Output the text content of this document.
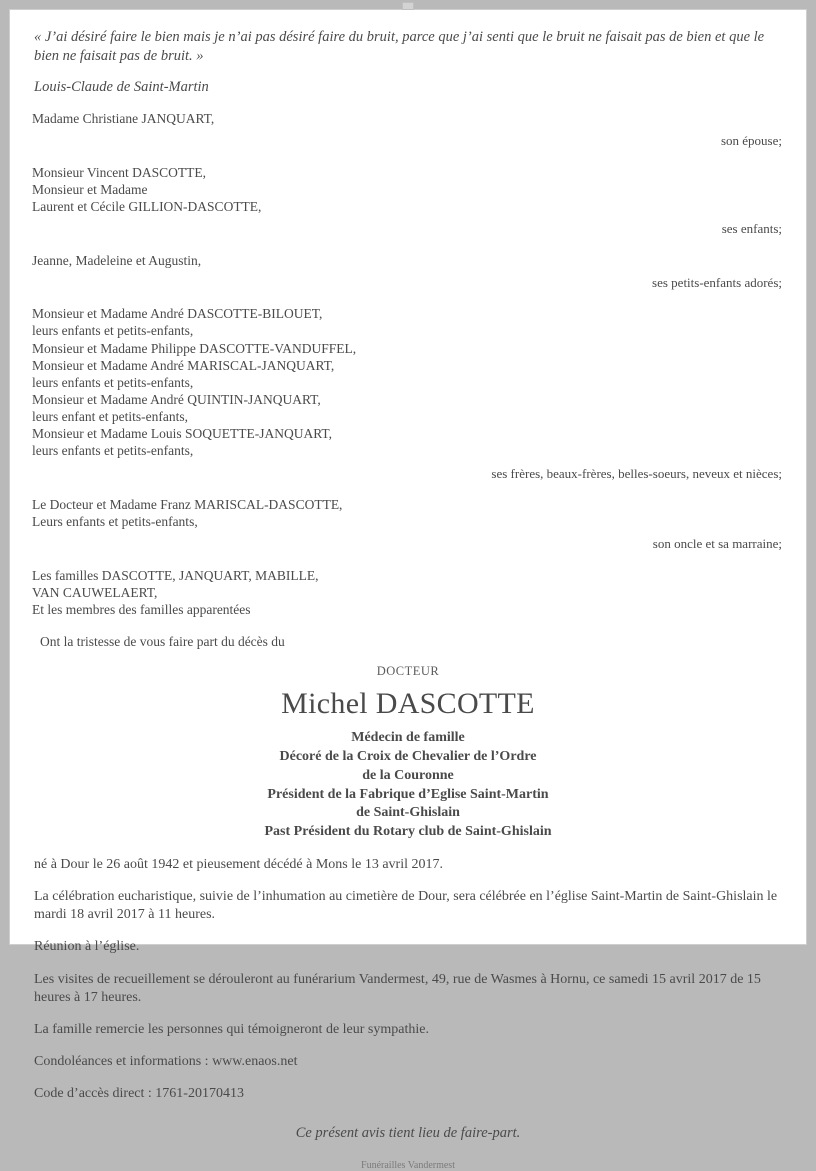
« J’ai désiré faire le bien mais je n’ai pas désiré faire du bruit, parce que j’ai senti que le bruit ne faisait pas de bien et que le bien ne faisait pas de bruit. »
Louis-Claude de Saint-Martin
Madame Christiane JANQUART,
son épouse;
Monsieur Vincent DASCOTTE,
Monsieur et Madame
Laurent et Cécile GILLION-DASCOTTE,
ses enfants;
Jeanne, Madeleine et Augustin,
ses petits-enfants adorés;
Monsieur et Madame André DASCOTTE-BILOUET,
leurs enfants et petits-enfants,
Monsieur et Madame Philippe DASCOTTE-VANDUFFEL,
Monsieur et Madame André MARISCAL-JANQUART,
leurs enfants et petits-enfants,
Monsieur et Madame André QUINTIN-JANQUART,
leurs enfant et petits-enfants,
Monsieur et Madame Louis SOQUETTE-JANQUART,
leurs enfants et petits-enfants,
ses frères, beaux-frères, belles-soeurs, neveux et nièces;
Le Docteur et Madame Franz MARISCAL-DASCOTTE,
Leurs enfants et petits-enfants,
son oncle et sa marraine;
Les familles DASCOTTE, JANQUART, MABILLE,
VAN CAUWELAERT,
Et les membres des familles apparentées
Ont la tristesse de vous faire part du décès du
DOCTEUR
Michel DASCOTTE
Médecin de famille
Décoré de la Croix de Chevalier de l’Ordre
de la Couronne
Président de la Fabrique d’Eglise Saint-Martin
de Saint-Ghislain
Past Président du Rotary club de Saint-Ghislain
né à Dour le 26 août 1942 et pieusement décédé à Mons le 13 avril 2017.
La célébration eucharistique, suivie de l’inhumation au cimetière de Dour, sera célébrée en l’église Saint-Martin de Saint-Ghislain le mardi 18 avril 2017 à 11 heures.
Réunion à l’église.
Les visites de recueillement se dérouleront au funérarium Vandermest, 49, rue de Wasmes à Hornu, ce samedi 15 avril 2017 de 15 heures à 17 heures.
La famille remercie les personnes qui témoigneront de leur sympathie.
Condoléances et informations : www.enaos.net
Code d’accès direct : 1761-20170413
Ce présent avis tient lieu de faire-part.
Funérailles Vandermest
